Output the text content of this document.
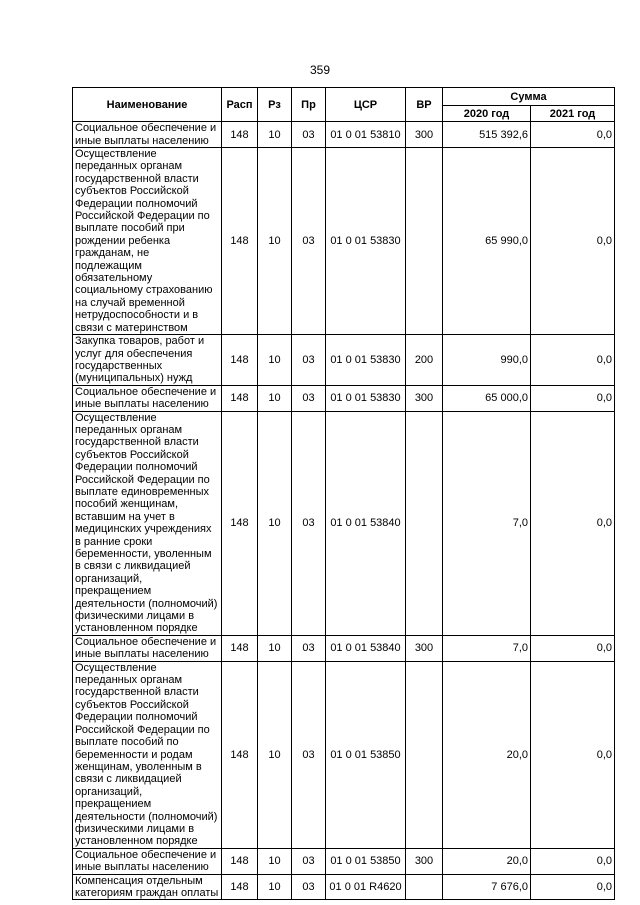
359
Наименование	Расп	Рз	Пр	ЦСР	ВР	Сумма	
						2020 год	2021 год
Социальное обеспечение и иные выплаты населению	148	10	03	01 0 01 53810	300	515 392,6	0,0
Осуществление переданных органам государственной власти субъектов Российской Федерации полномочий Российской Федерации по выплате пособий при рождении ребенка гражданам, не подлежащим обязательному социальному страхованию на случай временной нетрудоспособности и в связи с материнством	148	10	03	01 0 01 53830		65 990,0	0,0
Закупка товаров, работ и услуг для обеспечения государственных (муниципальных) нужд	148	10	03	01 0 01 53830	200	990,0	0,0
Социальное обеспечение и иные выплаты населению	148	10	03	01 0 01 53830	300	65 000,0	0,0
Осуществление переданных органам государственной власти субъектов Российской Федерации полномочий Российской Федерации по выплате единовременных пособий женщинам, вставшим на учет в медицинских учреждениях в ранние сроки беременности, уволенным в связи с ликвидацией организаций, прекращением деятельности (полномочий) физическими лицами в установленном порядке	148	10	03	01 0 01 53840		7,0	0,0
Социальное обеспечение и иные выплаты населению	148	10	03	01 0 01 53840	300	7,0	0,0
Осуществление переданных органам государственной власти субъектов Российской Федерации полномочий Российской Федерации по выплате пособий по беременности и родам женщинам, уволенным в связи с ликвидацией организаций, прекращением деятельности (полномочий) физическими лицами в установленном порядке	148	10	03	01 0 01 53850		20,0	0,0
Социальное обеспечение и иные выплаты населению	148	10	03	01 0 01 53850	300	20,0	0,0
Компенсация отдельным категориям граждан оплаты	148	10	03	01 0 01 R4620		7 676,0	0,0
